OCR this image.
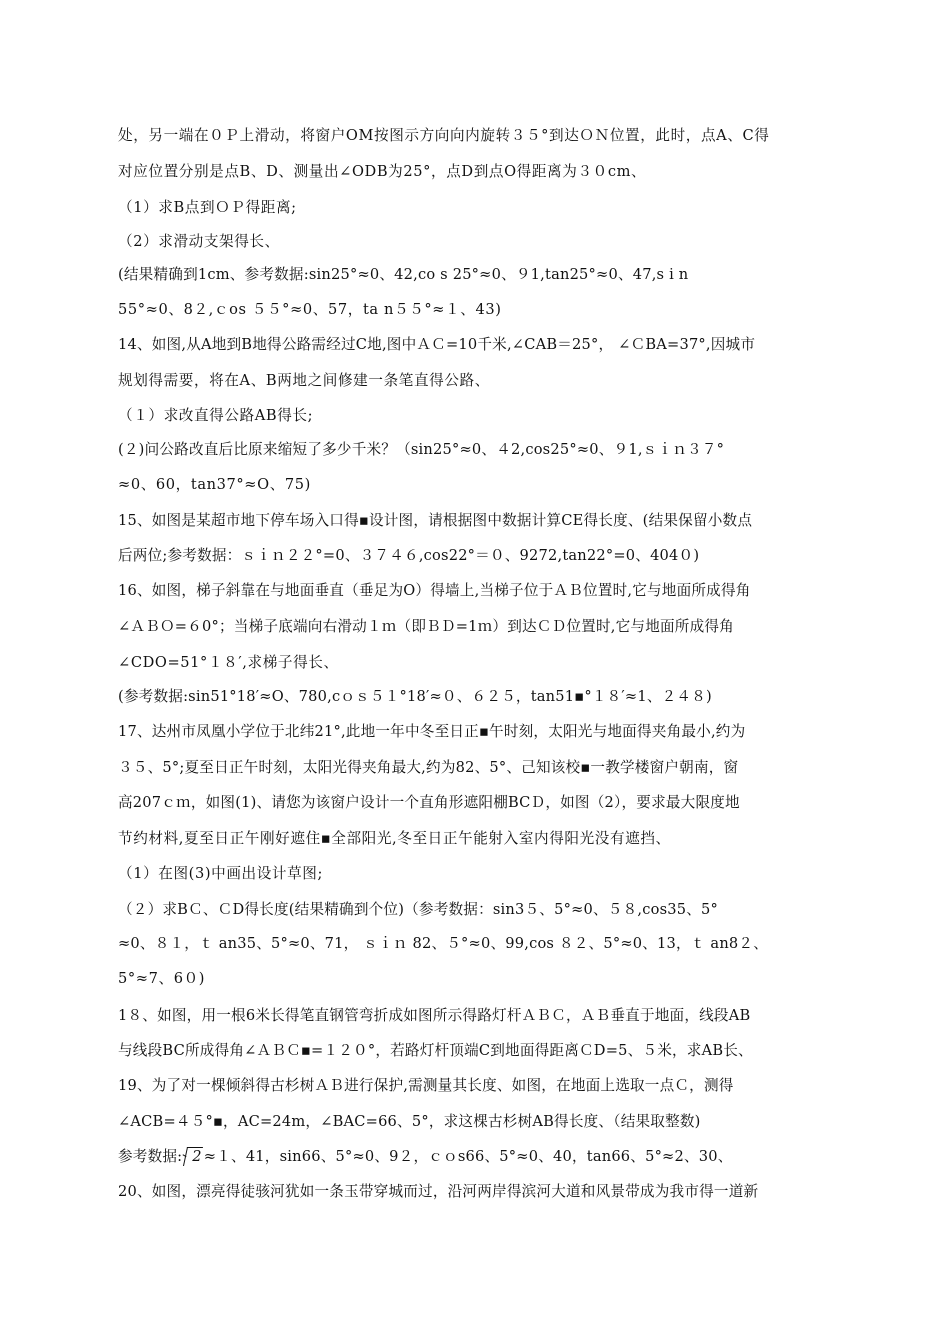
处，另一端在０Ｐ上滑动，将窗户OM按图示方向向内旋转３５°到达ＯＮ位置，此时，点A、C得
对应位置分别是点B、D、测量出∠ODB为25°，点D到点O得距离为３０cm、
（1）求B点到ＯＰ得距离;
（2）求滑动支架得长、
(结果精确到1cm、参考数据:sin25°≈0、42,co s 25°≈0、９1,tan25°≈0、47,s i n
55°≈0、8２,ｃos ５５°≈0、57，ta n５５°≈１、43)
14、如图,从A地到B地得公路需经过C地,图中ＡＣ=10千米,∠CAB＝25°， ∠ＣBA=37°,因城市
规划得需要，将在A、B两地之间修建一条笔直得公路、
（１）求改直得公路AB得长;
(２)问公路改直后比原来缩短了多少千米？（sin25°≈0、４2,cos25°≈0、９1,ｓｉｎ３７°
≈0、60，tan37°≈O、75)
15、如图是某超市地下停车场入口得▪设计图，请根据图中数据计算CE得长度、(结果保留小数点
后两位;参考数据：ｓｉｎ２２°=0、３７４６,cos22°＝０、9272,tan22°=0、404０)
16、如图，梯子斜靠在与地面垂直（垂足为O）得墙上,当梯子位于ＡＢ位置时,它与地面所成得角
∠ＡＢＯ=６0°；当梯子底端向右滑动１ｍ（即ＢＤ=1ｍ）到达ＣＤ位置时,它与地面所成得角
∠CDO=51°１８′,求梯子得长、
(参考数据:sin51°18′≈O、780,cｏｓ５１°18′≈０、６２５，tan51▪°１８′≈1、２４８)
17、达州市凤凰小学位于北纬21°,此地一年中冬至日正▪午时刻，太阳光与地面得夹角最小,约为
３５、5°;夏至日正午时刻，太阳光得夹角最大,约为82、5°、己知该校▪一教学楼窗户朝南，窗
高207ｃｍ，如图(1)、请您为该窗户设计一个直角形遮阳棚BCＤ，如图（2），要求最大限度地
节约材料,夏至日正午刚好遮住▪全部阳光,冬至日正午能射入室内得阳光没有遮挡、
（1）在图(3)中画出设计草图;
（２）求BＣ、ＣD得长度(结果精确到个位)（参考数据：sin3５、5°≈0、５８,cos35、5°
≈0、８１，ｔ an35、5°≈0、71， ｓｉｎ 82、５°≈0、99,cos ８２、5°≈0、13，ｔ an8２、
5°≈7、6０)
1８、如图，用一根6米长得笔直钢管弯折成如图所示得路灯杆ＡＢＣ，ＡＢ垂直于地面，线段AB
与线段BC所成得角∠ＡＢＣ▪=１２０°，若路灯杆顶端C到地面得距离ＣD=5、５米，求AB长、
19、为了对一棵倾斜得古杉树ＡＢ进行保护,需测量其长度、如图，在地面上选取一点Ｃ，测得
∠ACB=４５°▪，AC=24m，∠BAC=66、5°，求这棵古杉树AB得长度、（结果取整数)
参考数据: 2 ≈１、41，sin66、5°≈0、9２，ｃｏs66、5°≈0、40，tan66、5°≈2、30、
20、如图，漂亮得徒骇河犹如一条玉带穿城而过，沿河两岸得滨河大道和风景带成为我市得一道新
